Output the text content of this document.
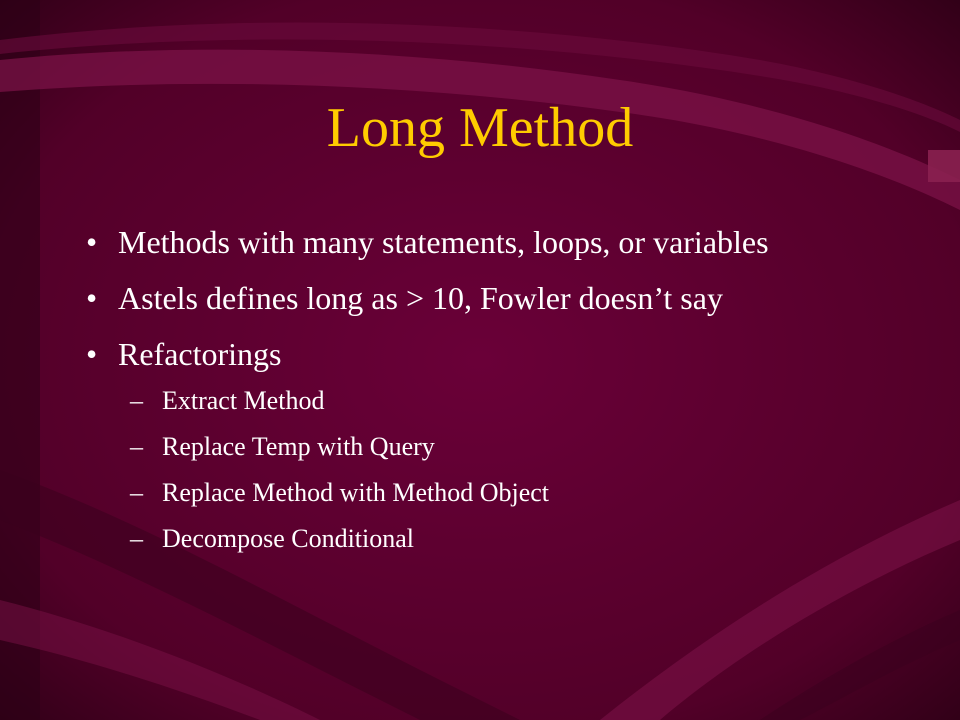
Long Method
• Methods with many statements, loops, or variables
• Astels defines long as > 10, Fowler doesn’t say
• Refactorings
– Extract Method
– Replace Temp with Query
– Replace Method with Method Object
– Decompose Conditional
